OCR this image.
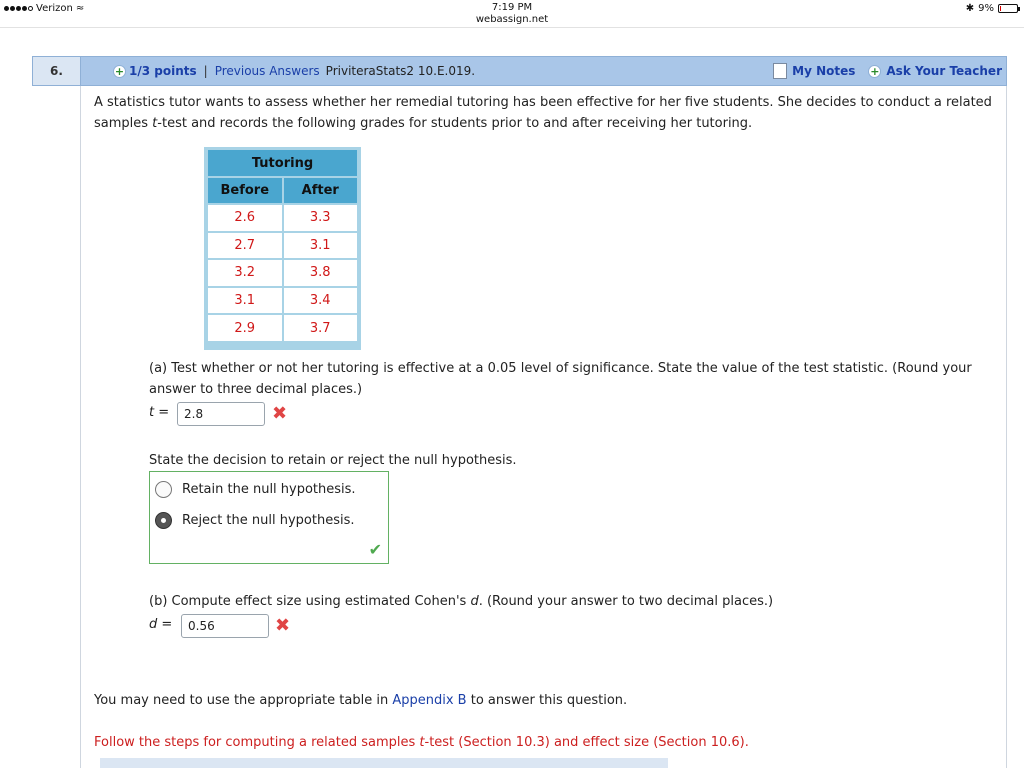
Verizon ≈	7:19 PM
webassign.net
✱ 9%
6.	+ 1/3 points | Previous Answers PriviteraStats2 10.E.019.	My Notes + Ask Your Teacher
A statistics tutor wants to assess whether her remedial tutoring has been effective for her five students. She decides to conduct a related samples t-test and records the following grades for students prior to and after receiving her tutoring.
Tutoring
Before	After
2.6	3.3
2.7	3.1
3.2	3.8
3.1	3.4
2.9	3.7
(a) Test whether or not her tutoring is effective at a 0.05 level of significance. State the value of the test statistic. (Round your answer to three decimal places.)
t =
2.8	✖
State the decision to retain or reject the null hypothesis.
Retain the null hypothesis.
Reject the null hypothesis.
✔
(b) Compute effect size using estimated Cohen's d. (Round your answer to two decimal places.)
d =
0.56	✖
You may need to use the appropriate table in Appendix B to answer this question.
Follow the steps for computing a related samples t-test (Section 10.3) and effect size (Section 10.6).
